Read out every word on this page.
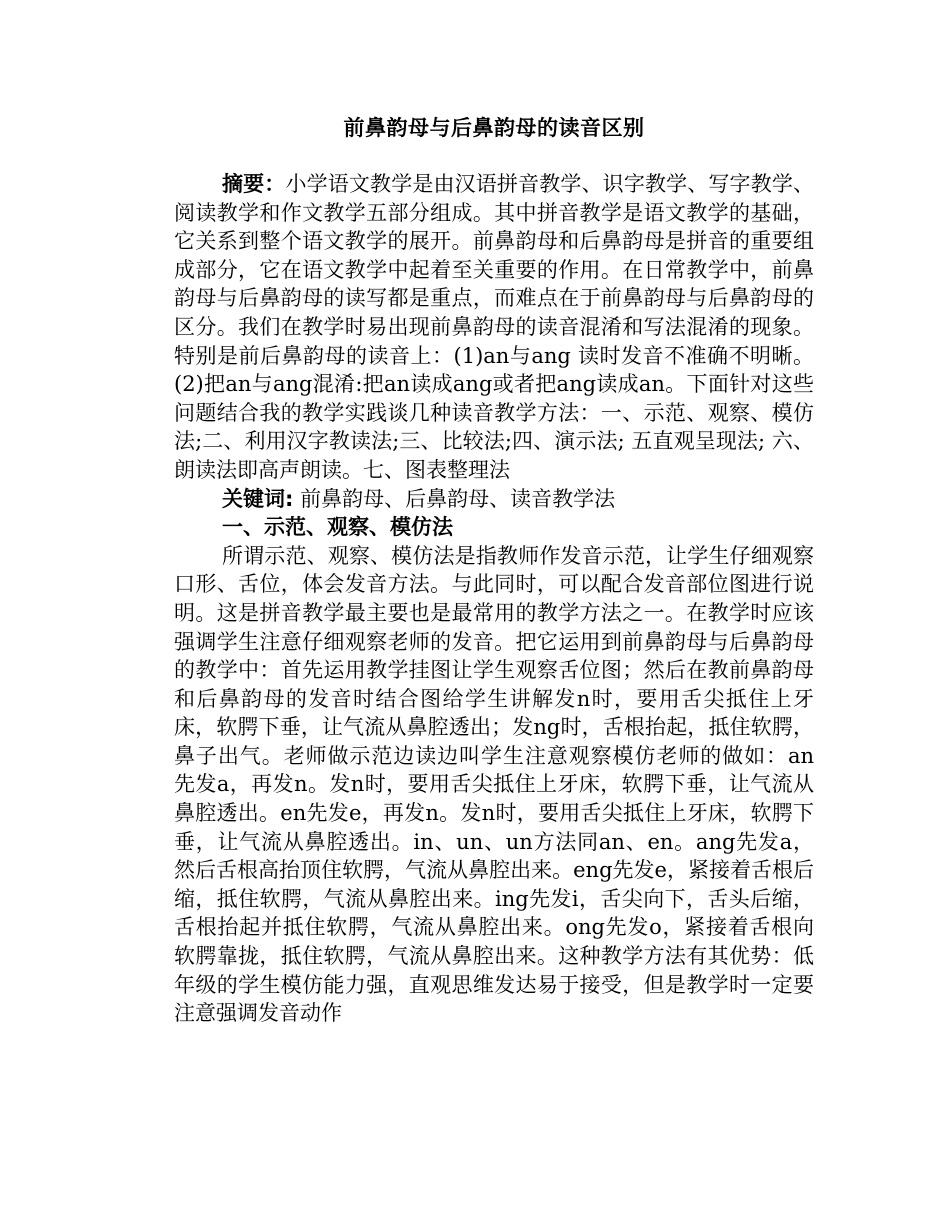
前鼻韵母与后鼻韵母的读音区别

摘要：小学语文教学是由汉语拼音教学、识字教学、写字教学、阅读教学和作文教学五部分组成。其中拼音教学是语文教学的基础，它关系到整个语文教学的展开。前鼻韵母和后鼻韵母是拼音的重要组成部分，它在语文教学中起着至关重要的作用。在日常教学中，前鼻韵母与后鼻韵母的读写都是重点，而难点在于前鼻韵母与后鼻韵母的区分。我们在教学时易出现前鼻韵母的读音混淆和写法混淆的现象。特别是前后鼻韵母的读音上：(1)an与ang 读时发音不准确不明晰。(2)把an与ang混淆:把an读成ang或者把ang读成an。下面针对这些问题结合我的教学实践谈几种读音教学方法：一、示范、观察、模仿法;二、利用汉字教读法;三、比较法;四、演示法; 五直观呈现法; 六、朗读法即高声朗读。七、图表整理法

关键词: 前鼻韵母、后鼻韵母、读音教学法

一、示范、观察、模仿法

所谓示范、观察、模仿法是指教师作发音示范，让学生仔细观察口形、舌位，体会发音方法。与此同时，可以配合发音部位图进行说明。这是拼音教学最主要也是最常用的教学方法之一。在教学时应该强调学生注意仔细观察老师的发音。把它运用到前鼻韵母与后鼻韵母的教学中：首先运用教学挂图让学生观察舌位图；然后在教前鼻韵母和后鼻韵母的发音时结合图给学生讲解发n时，要用舌尖抵住上牙床，软腭下垂，让气流从鼻腔透出；发ng时，舌根抬起，抵住软腭，鼻子出气。老师做示范边读边叫学生注意观察模仿老师的做如：an 先发a，再发n。发n时，要用舌尖抵住上牙床，软腭下垂，让气流从鼻腔透出。en先发e，再发n。发n时，要用舌尖抵住上牙床，软腭下垂，让气流从鼻腔透出。in、un、un方法同an、en。ang先发a，然后舌根高抬顶住软腭，气流从鼻腔出来。eng先发e，紧接着舌根后缩，抵住软腭，气流从鼻腔出来。ing先发i，舌尖向下，舌头后缩，舌根抬起并抵住软腭，气流从鼻腔出来。ong先发o，紧接着舌根向软腭靠拢，抵住软腭，气流从鼻腔出来。这种教学方法有其优势：低年级的学生模仿能力强，直观思维发达易于接受，但是教学时一定要注意强调发音动作
